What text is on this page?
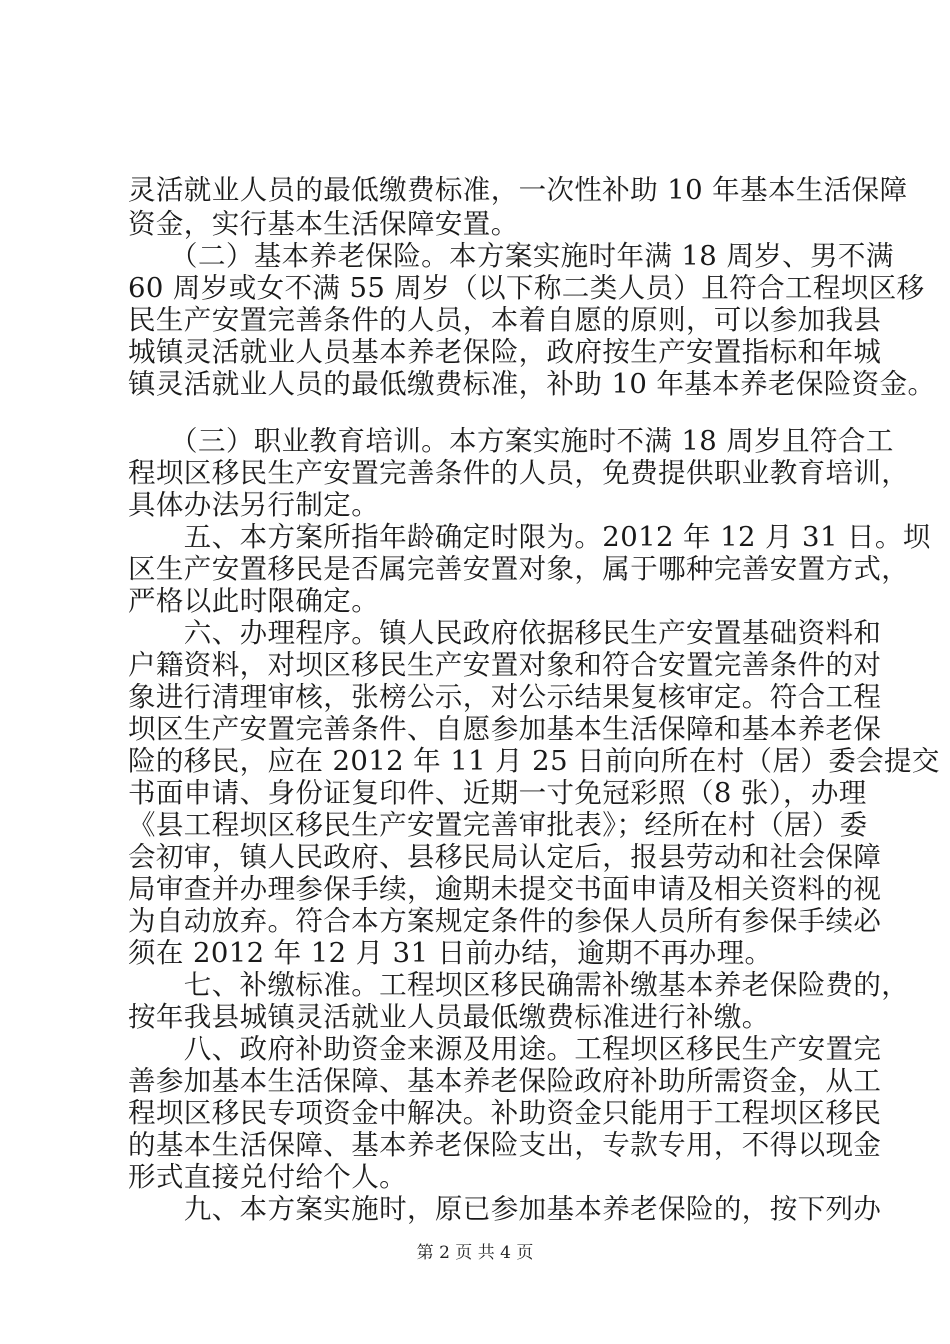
灵活就业人员的最低缴费标准，一次性补助 10 年基本生活保障
资金，实行基本生活保障安置。
　　（二）基本养老保险。本方案实施时年满 18 周岁、男不满
60 周岁或女不满 55 周岁（以下称二类人员）且符合工程坝区移
民生产安置完善条件的人员，本着自愿的原则，可以参加我县
城镇灵活就业人员基本养老保险，政府按生产安置指标和年城
镇灵活就业人员的最低缴费标准，补助 10 年基本养老保险资金。
　　（三）职业教育培训。本方案实施时不满 18 周岁且符合工
程坝区移民生产安置完善条件的人员，免费提供职业教育培训，
具体办法另行制定。
　　五、本方案所指年龄确定时限为。2012 年 12 月 31 日。坝
区生产安置移民是否属完善安置对象，属于哪种完善安置方式，
严格以此时限确定。
　　六、办理程序。镇人民政府依据移民生产安置基础资料和
户籍资料，对坝区移民生产安置对象和符合安置完善条件的对
象进行清理审核，张榜公示，对公示结果复核审定。符合工程
坝区生产安置完善条件、自愿参加基本生活保障和基本养老保
险的移民，应在 2012 年 11 月 25 日前向所在村（居）委会提交
书面申请、身份证复印件、近期一寸免冠彩照（8 张），办理
《县工程坝区移民生产安置完善审批表》；经所在村（居）委
会初审，镇人民政府、县移民局认定后，报县劳动和社会保障
局审查并办理参保手续，逾期未提交书面申请及相关资料的视
为自动放弃。符合本方案规定条件的参保人员所有参保手续必
须在 2012 年 12 月 31 日前办结，逾期不再办理。
　　七、补缴标准。工程坝区移民确需补缴基本养老保险费的，
按年我县城镇灵活就业人员最低缴费标准进行补缴。
　　八、政府补助资金来源及用途。工程坝区移民生产安置完
善参加基本生活保障、基本养老保险政府补助所需资金，从工
程坝区移民专项资金中解决。补助资金只能用于工程坝区移民
的基本生活保障、基本养老保险支出，专款专用，不得以现金
形式直接兑付给个人。
　　九、本方案实施时，原已参加基本养老保险的，按下列办
第 2 页 共 4 页
